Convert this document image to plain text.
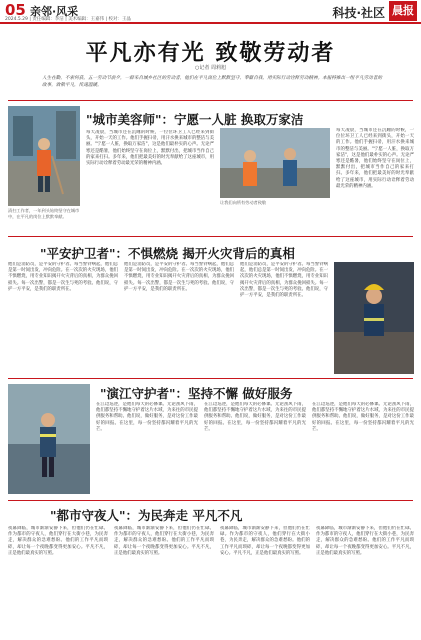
05 亲邻·风采
2024.5.29 | 责任编辑：李洁 | 美术编辑：王嘉伟 | 校对：王晶	科技·社区 晨报
平凡亦有光 致敬劳动者
○记者 周莉旭
人生在勤，不索何获。五一劳动节前夕，一群来自城乡社区的劳动者，他们在平凡岗位上默默坚守、奉献自我，用实际行动诠释劳动精神。本报特推出一组平凡劳动者的故事，致敬平凡，传递温暖。
清扫工作者，一年到头始终坚守在城市中，在平凡的岗位上默默奉献。
"城市美容师"：宁愿一人脏 换取万家洁
每天凌晨，当城市还在沉睡的时候，一位位环卫工人已经来到街头，开始一天的工作。他们手握扫帚，用汗水换来城市的整洁与美丽。"宁愿一人脏，换取万家洁"，这是他们最朴实的心声。无论严寒还是酷暑，他们始终坚守在岗位上，默默付出，把城市当作自己的家来打扫。多年来，他们把最美好的时光奉献给了这座城市，用实际行动诠释着劳动最光荣的精神内涵。
让我们向所有劳动者致敬
每天凌晨，当城市还在沉睡的时候，一位位环卫工人已经来到街头，开始一天的工作。他们手握扫帚，用汗水换来城市的整洁与美丽。"宁愿一人脏，换取万家洁"，这是他们最朴实的心声。无论严寒还是酷暑，他们始终坚守在岗位上，默默付出，把城市当作自己的家来打扫。多年来，他们把最美好的时光奉献给了这座城市，用实际行动诠释着劳动最光荣的精神内涵。
"平安护卫者"：不惧燃烧 揭开火灾背后的真相
他们是消防员，是平安的守护者。每当警铃响起，他们总是第一时间出发，冲向危险。在一次次的火灾现场，他们不惧燃烧，用专业知识揭开火灾背后的真相，为群众挽回损失。每一次出警，都是一次生与死的考验。他们说，守护一方平安，是我们的职责所在。
他们是消防员，是平安的守护者。每当警铃响起，他们总是第一时间出发，冲向危险。在一次次的火灾现场，他们不惧燃烧，用专业知识揭开火灾背后的真相，为群众挽回损失。每一次出警，都是一次生与死的考验。他们说，守护一方平安，是我们的职责所在。
他们是消防员，是平安的守护者。每当警铃响起，他们总是第一时间出发，冲向危险。在一次次的火灾现场，他们不惧燃烧，用专业知识揭开火灾背后的真相，为群众挽回损失。每一次出警，都是一次生与死的考验。他们说，守护一方平安，是我们的职责所在。
"演江守护者"：坚持不懈 做好服务
在江边巡逻，是他们每天的必修课。无论刮风下雨，他们都坚持不懈地守护着这片水域，为来往的市民提供服务和帮助。他们说，做好服务，是对这份工作最好的回报。在这里，每一份坚持都闪耀着平凡的光芒。
在江边巡逻，是他们每天的必修课。无论刮风下雨，他们都坚持不懈地守护着这片水域，为来往的市民提供服务和帮助。他们说，做好服务，是对这份工作最好的回报。在这里，每一份坚持都闪耀着平凡的光芒。
在江边巡逻，是他们每天的必修课。无论刮风下雨，他们都坚持不懈地守护着这片水域，为来往的市民提供服务和帮助。他们说，做好服务，是对这份工作最好的回报。在这里，每一份坚持都闪耀着平凡的光芒。
"都市守夜人"：为民奔走 平凡不凡
夜幕降临，城市渐渐安静下来，但他们仍在忙碌。作为都市的守夜人，他们穿行在大街小巷，为民奔走，解决群众的急难愁盼。他们的工作平凡而琐碎，却让每一个夜晚都变得更加安心。平凡不凡，正是他们最真实的写照。
夜幕降临，城市渐渐安静下来，但他们仍在忙碌。作为都市的守夜人，他们穿行在大街小巷，为民奔走，解决群众的急难愁盼。他们的工作平凡而琐碎，却让每一个夜晚都变得更加安心。平凡不凡，正是他们最真实的写照。
夜幕降临，城市渐渐安静下来，但他们仍在忙碌。作为都市的守夜人，他们穿行在大街小巷，为民奔走，解决群众的急难愁盼。他们的工作平凡而琐碎，却让每一个夜晚都变得更加安心。平凡不凡，正是他们最真实的写照。
夜幕降临，城市渐渐安静下来，但他们仍在忙碌。作为都市的守夜人，他们穿行在大街小巷，为民奔走，解决群众的急难愁盼。他们的工作平凡而琐碎，却让每一个夜晚都变得更加安心。平凡不凡，正是他们最真实的写照。
